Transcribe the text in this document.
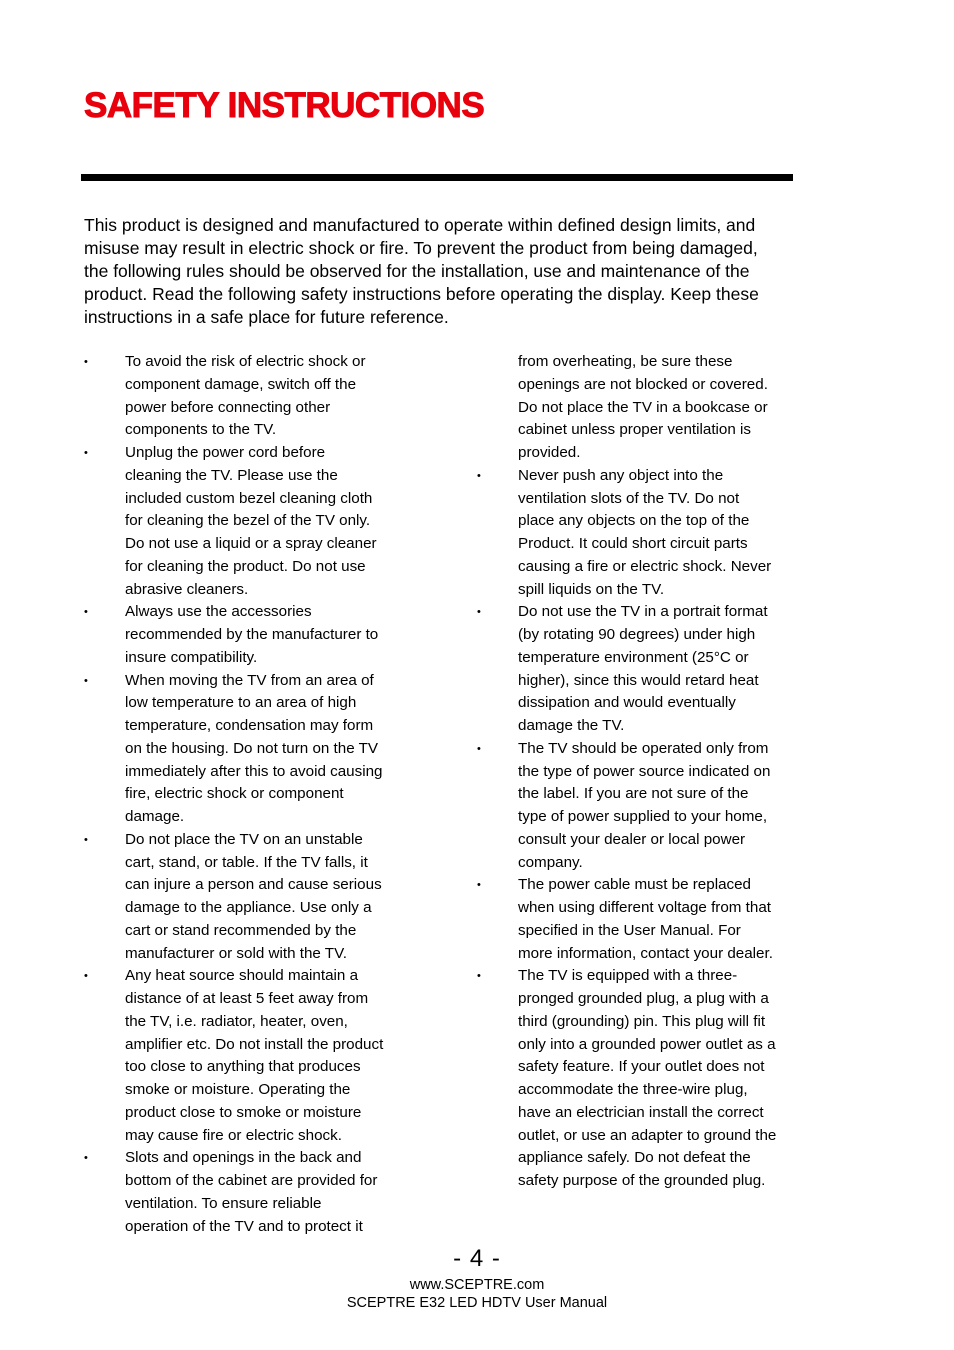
SAFETY INSTRUCTIONS

This product is designed and manufactured to operate within defined design limits, and
misuse may result in electric shock or fire. To prevent the product from being damaged,
the following rules should be observed for the installation, use and maintenance of the
product. Read the following safety instructions before operating the display. Keep these
instructions in a safe place for future reference.

•	To avoid the risk of electric shock or
component damage, switch off the
power before connecting other
components to the TV.
•	Unplug the power cord before
cleaning the TV. Please use the
included custom bezel cleaning cloth
for cleaning the bezel of the TV only.
Do not use a liquid or a spray cleaner
for cleaning the product. Do not use
abrasive cleaners.
•	Always use the accessories
recommended by the manufacturer to
insure compatibility.
•	When moving the TV from an area of
low temperature to an area of high
temperature, condensation may form
on the housing. Do not turn on the TV
immediately after this to avoid causing
fire, electric shock or component
damage.
•	Do not place the TV on an unstable
cart, stand, or table. If the TV falls, it
can injure a person and cause serious
damage to the appliance. Use only a
cart or stand recommended by the
manufacturer or sold with the TV.
•	Any heat source should maintain a
distance of at least 5 feet away from
the TV, i.e. radiator, heater, oven,
amplifier etc. Do not install the product
too close to anything that produces
smoke or moisture. Operating the
product close to smoke or moisture
may cause fire or electric shock.
•	Slots and openings in the back and
bottom of the cabinet are provided for
ventilation. To ensure reliable
operation of the TV and to protect it
from overheating, be sure these
openings are not blocked or covered.
Do not place the TV in a bookcase or
cabinet unless proper ventilation is
provided.
•	Never push any object into the
ventilation slots of the TV. Do not
place any objects on the top of the
Product. It could short circuit parts
causing a fire or electric shock. Never
spill liquids on the TV.
•	Do not use the TV in a portrait format
(by rotating 90 degrees) under high
temperature environment (25°C or
higher), since this would retard heat
dissipation and would eventually
damage the TV.
•	The TV should be operated only from
the type of power source indicated on
the label. If you are not sure of the
type of power supplied to your home,
consult your dealer or local power
company.
•	The power cable must be replaced
when using different voltage from that
specified in the User Manual. For
more information, contact your dealer.
•	The TV is equipped with a three-
pronged grounded plug, a plug with a
third (grounding) pin. This plug will fit
only into a grounded power outlet as a
safety feature. If your outlet does not
accommodate the three-wire plug,
have an electrician install the correct
outlet, or use an adapter to ground the
appliance safely. Do not defeat the
safety purpose of the grounded plug.
- 4 -
www.SCEPTRE.com
SCEPTRE E32 LED HDTV User Manual
